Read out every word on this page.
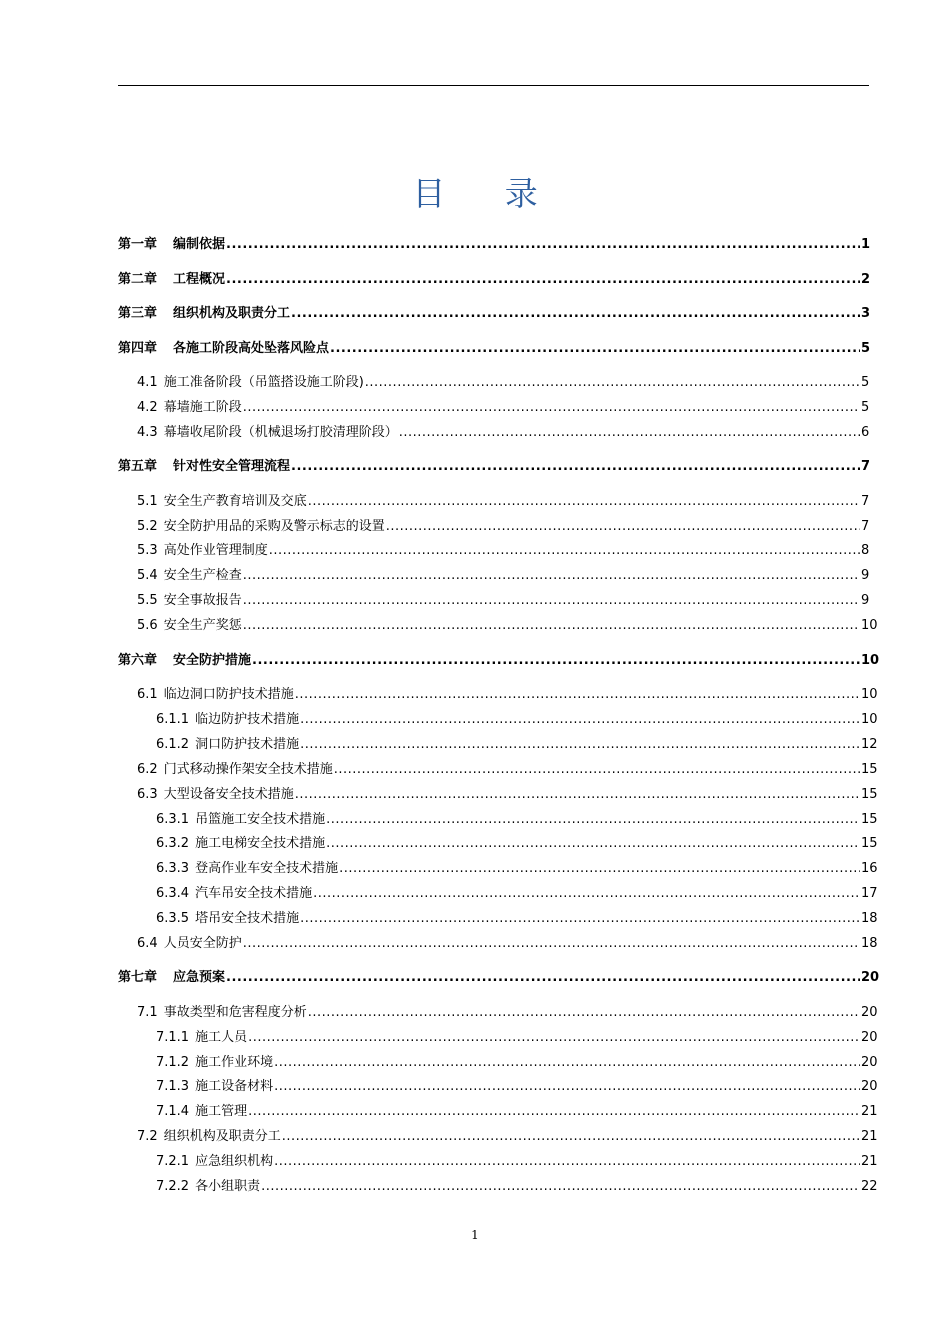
目 录
第一章 编制依据 .....	1
第二章 工程概况 .....	2
第三章 组织机构及职责分工 .....	3
第四章 各施工阶段高处坠落风险点 .....	5
4.1 施工准备阶段（吊篮搭设施工阶段) .....	5
4.2 幕墙施工阶段 .....	5
4.3 幕墙收尾阶段（机械退场打胶清理阶段） .....	6
第五章 针对性安全管理流程 .....	7
5.1 安全生产教育培训及交底 .....	7
5.2 安全防护用品的采购及警示标志的设置 .....	7
5.3 高处作业管理制度 .....	8
5.4 安全生产检查 .....	9
5.5 安全事故报告 .....	9
5.6 安全生产奖惩 .....	10
第六章 安全防护措施 .....	10
6.1 临边洞口防护技术措施 .....	10
6.1.1 临边防护技术措施 .....	10
6.1.2 洞口防护技术措施 .....	12
6.2 门式移动操作架安全技术措施 .....	15
6.3 大型设备安全技术措施 .....	15
6.3.1 吊篮施工安全技术措施 .....	15
6.3.2 施工电梯安全技术措施 .....	15
6.3.3 登高作业车安全技术措施 .....	16
6.3.4 汽车吊安全技术措施 .....	17
6.3.5 塔吊安全技术措施 .....	18
6.4 人员安全防护 .....	18
第七章 应急预案 .....	20
7.1 事故类型和危害程度分析 .....	20
7.1.1 施工人员 .....	20
7.1.2 施工作业环境 .....	20
7.1.3 施工设备材料 .....	20
7.1.4 施工管理 .....	21
7.2 组织机构及职责分工 .....	21
7.2.1 应急组织机构 .....	21
7.2.2 各小组职责 .....	22
1
